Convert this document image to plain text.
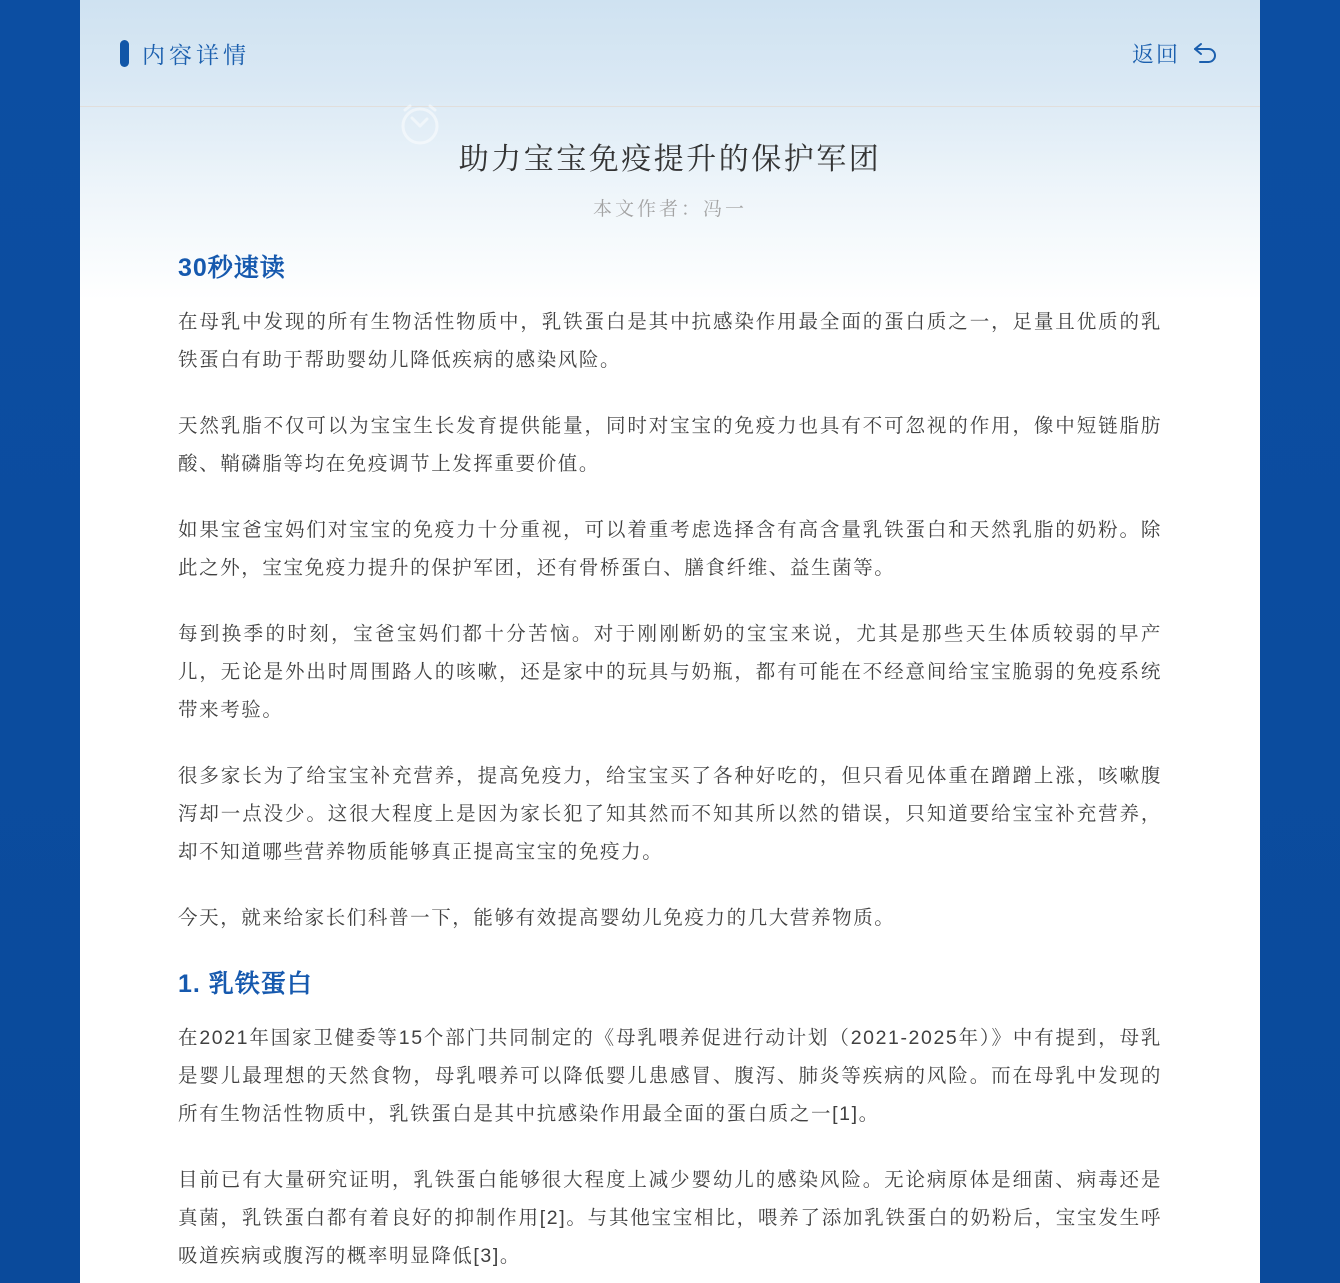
内容详情	返回
助力宝宝免疫提升的保护军团
本文作者：冯一
30秒速读

在母乳中发现的所有生物活性物质中，乳铁蛋白是其中抗感染作用最全面的蛋白质之一，足量且优质的乳铁蛋白有助于帮助婴幼儿降低疾病的感染风险。

天然乳脂不仅可以为宝宝生长发育提供能量，同时对宝宝的免疫力也具有不可忽视的作用，像中短链脂肪酸、鞘磷脂等均在免疫调节上发挥重要价值。

如果宝爸宝妈们对宝宝的免疫力十分重视，可以着重考虑选择含有高含量乳铁蛋白和天然乳脂的奶粉。除此之外，宝宝免疫力提升的保护军团，还有骨桥蛋白、膳食纤维、益生菌等。

每到换季的时刻，宝爸宝妈们都十分苦恼。对于刚刚断奶的宝宝来说，尤其是那些天生体质较弱的早产儿，无论是外出时周围路人的咳嗽，还是家中的玩具与奶瓶，都有可能在不经意间给宝宝脆弱的免疫系统带来考验。

很多家长为了给宝宝补充营养，提高免疫力，给宝宝买了各种好吃的，但只看见体重在蹭蹭上涨，咳嗽腹泻却一点没少。这很大程度上是因为家长犯了知其然而不知其所以然的错误，只知道要给宝宝补充营养，却不知道哪些营养物质能够真正提高宝宝的免疫力。

今天，就来给家长们科普一下，能够有效提高婴幼儿免疫力的几大营养物质。

1. 乳铁蛋白

在2021年国家卫健委等15个部门共同制定的《母乳喂养促进行动计划（2021-2025年）》中有提到，母乳是婴儿最理想的天然食物，母乳喂养可以降低婴儿患感冒、腹泻、肺炎等疾病的风险。而在母乳中发现的所有生物活性物质中，乳铁蛋白是其中抗感染作用最全面的蛋白质之一[1]。

目前已有大量研究证明，乳铁蛋白能够很大程度上减少婴幼儿的感染风险。无论病原体是细菌、病毒还是真菌，乳铁蛋白都有着良好的抑制作用[2]。与其他宝宝相比，喂养了添加乳铁蛋白的奶粉后，宝宝发生呼吸道疾病或腹泻的概率明显降低[3]。
